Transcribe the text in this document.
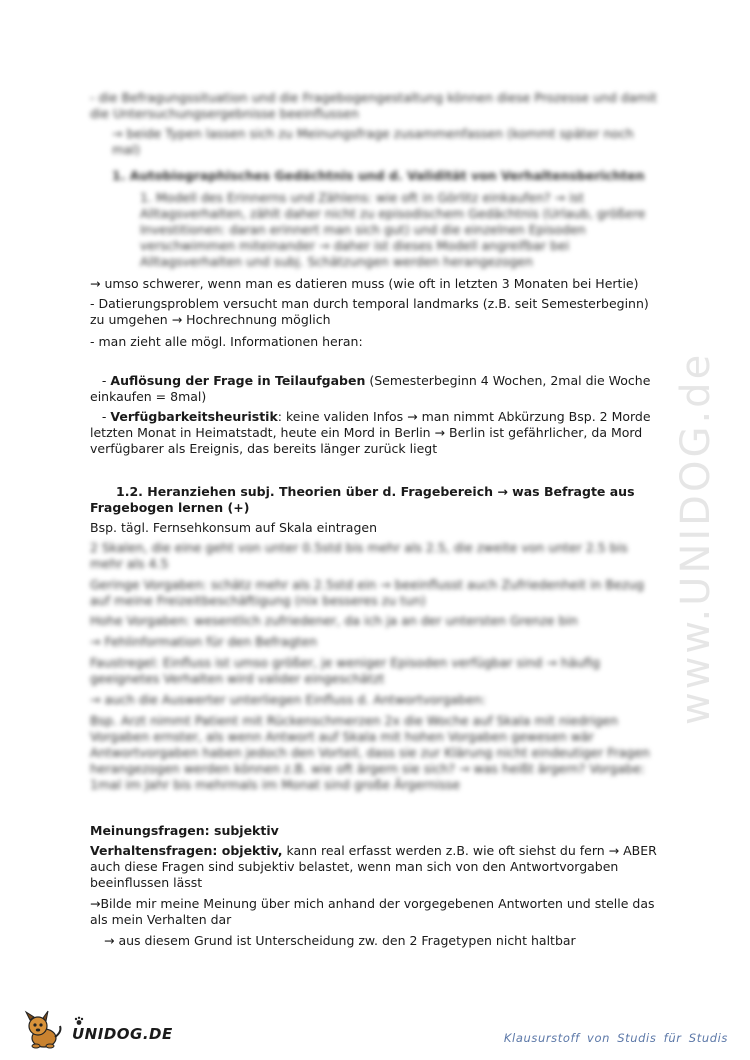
- die Befragungssituation und die Fragebogengestaltung können diese Prozesse und damit die Untersuchungsergebnisse beeinflussen

→ beide Typen lassen sich zu Meinungsfrage zusammenfassen (kommt später noch mal)

1. Autobiographisches Gedächtnis und d. Validität von Verhaltensberichten

1. Modell des Erinnerns und Zählens: wie oft in Görlitz einkaufen? → ist Alltagsverhalten, zählt daher nicht zu episodischem Gedächtnis (Urlaub, größere Investitionen: daran erinnert man sich gut) und die einzelnen Episoden verschwimmen miteinander → daher ist dieses Modell angreifbar bei Alltagsverhalten und subj. Schätzungen werden herangezogen

→ umso schwerer, wenn man es datieren muss (wie oft in letzten 3 Monaten bei Hertie)

- Datierungsproblem versucht man durch temporal landmarks (z.B. seit Semesterbeginn) zu umgehen → Hochrechnung möglich

- man zieht alle mögl. Informationen heran:

- Auflösung der Frage in Teilaufgaben (Semesterbeginn 4 Wochen, 2mal die Woche einkaufen = 8mal)

- Verfügbarkeitsheuristik: keine validen Infos → man nimmt Abkürzung Bsp. 2 Morde letzten Monat in Heimatstadt, heute ein Mord in Berlin → Berlin ist gefährlicher, da Mord verfügbarer als Ereignis, das bereits länger zurück liegt

1.2. Heranziehen subj. Theorien über d. Fragebereich → was Befragte aus Fragebogen lernen (+)

Bsp. tägl. Fernsehkonsum auf Skala eintragen

2 Skalen, die eine geht von unter 0.5std bis mehr als 2.5, die zweite von unter 2.5 bis mehr als 4.5

Geringe Vorgaben: schätz mehr als 2.5std ein → beeinflusst auch Zufriedenheit in Bezug auf meine Freizeitbeschäftigung (nix besseres zu tun)

Hohe Vorgaben: wesentlich zufriedener, da ich ja an der untersten Grenze bin

→ Fehlinformation für den Befragten

Faustregel: Einfluss ist umso größer, je weniger Episoden verfügbar sind → häufig geeignetes Verhalten wird valider eingeschätzt

→ auch die Auswerter unterliegen Einfluss d. Antwortvorgaben:

Bsp. Arzt nimmt Patient mit Rückenschmerzen 2x die Woche auf Skala mit niedrigen Vorgaben ernster, als wenn Antwort auf Skala mit hohen Vorgaben gewesen wär Antwortvorgaben haben jedoch den Vorteil, dass sie zur Klärung nicht eindeutiger Fragen herangezogen werden können z.B. wie oft ärgern sie sich? → was heißt ärgern? Vorgabe: 1mal im Jahr bis mehrmals im Monat sind große Ärgernisse

Meinungsfragen: subjektiv

Verhaltensfragen: objektiv, kann real erfasst werden z.B. wie oft siehst du fern → ABER auch diese Fragen sind subjektiv belastet, wenn man sich von den Antwortvorgaben beeinflussen lässt

→Bilde mir meine Meinung über mich anhand der vorgegebenen Antworten und stelle das als mein Verhalten dar

→ aus diesem Grund ist Unterscheidung zw. den 2 Fragetypen nicht haltbar

www.UNIDOG.de
UNIDOG.DE	Klausurstoff von Studis für Studis
